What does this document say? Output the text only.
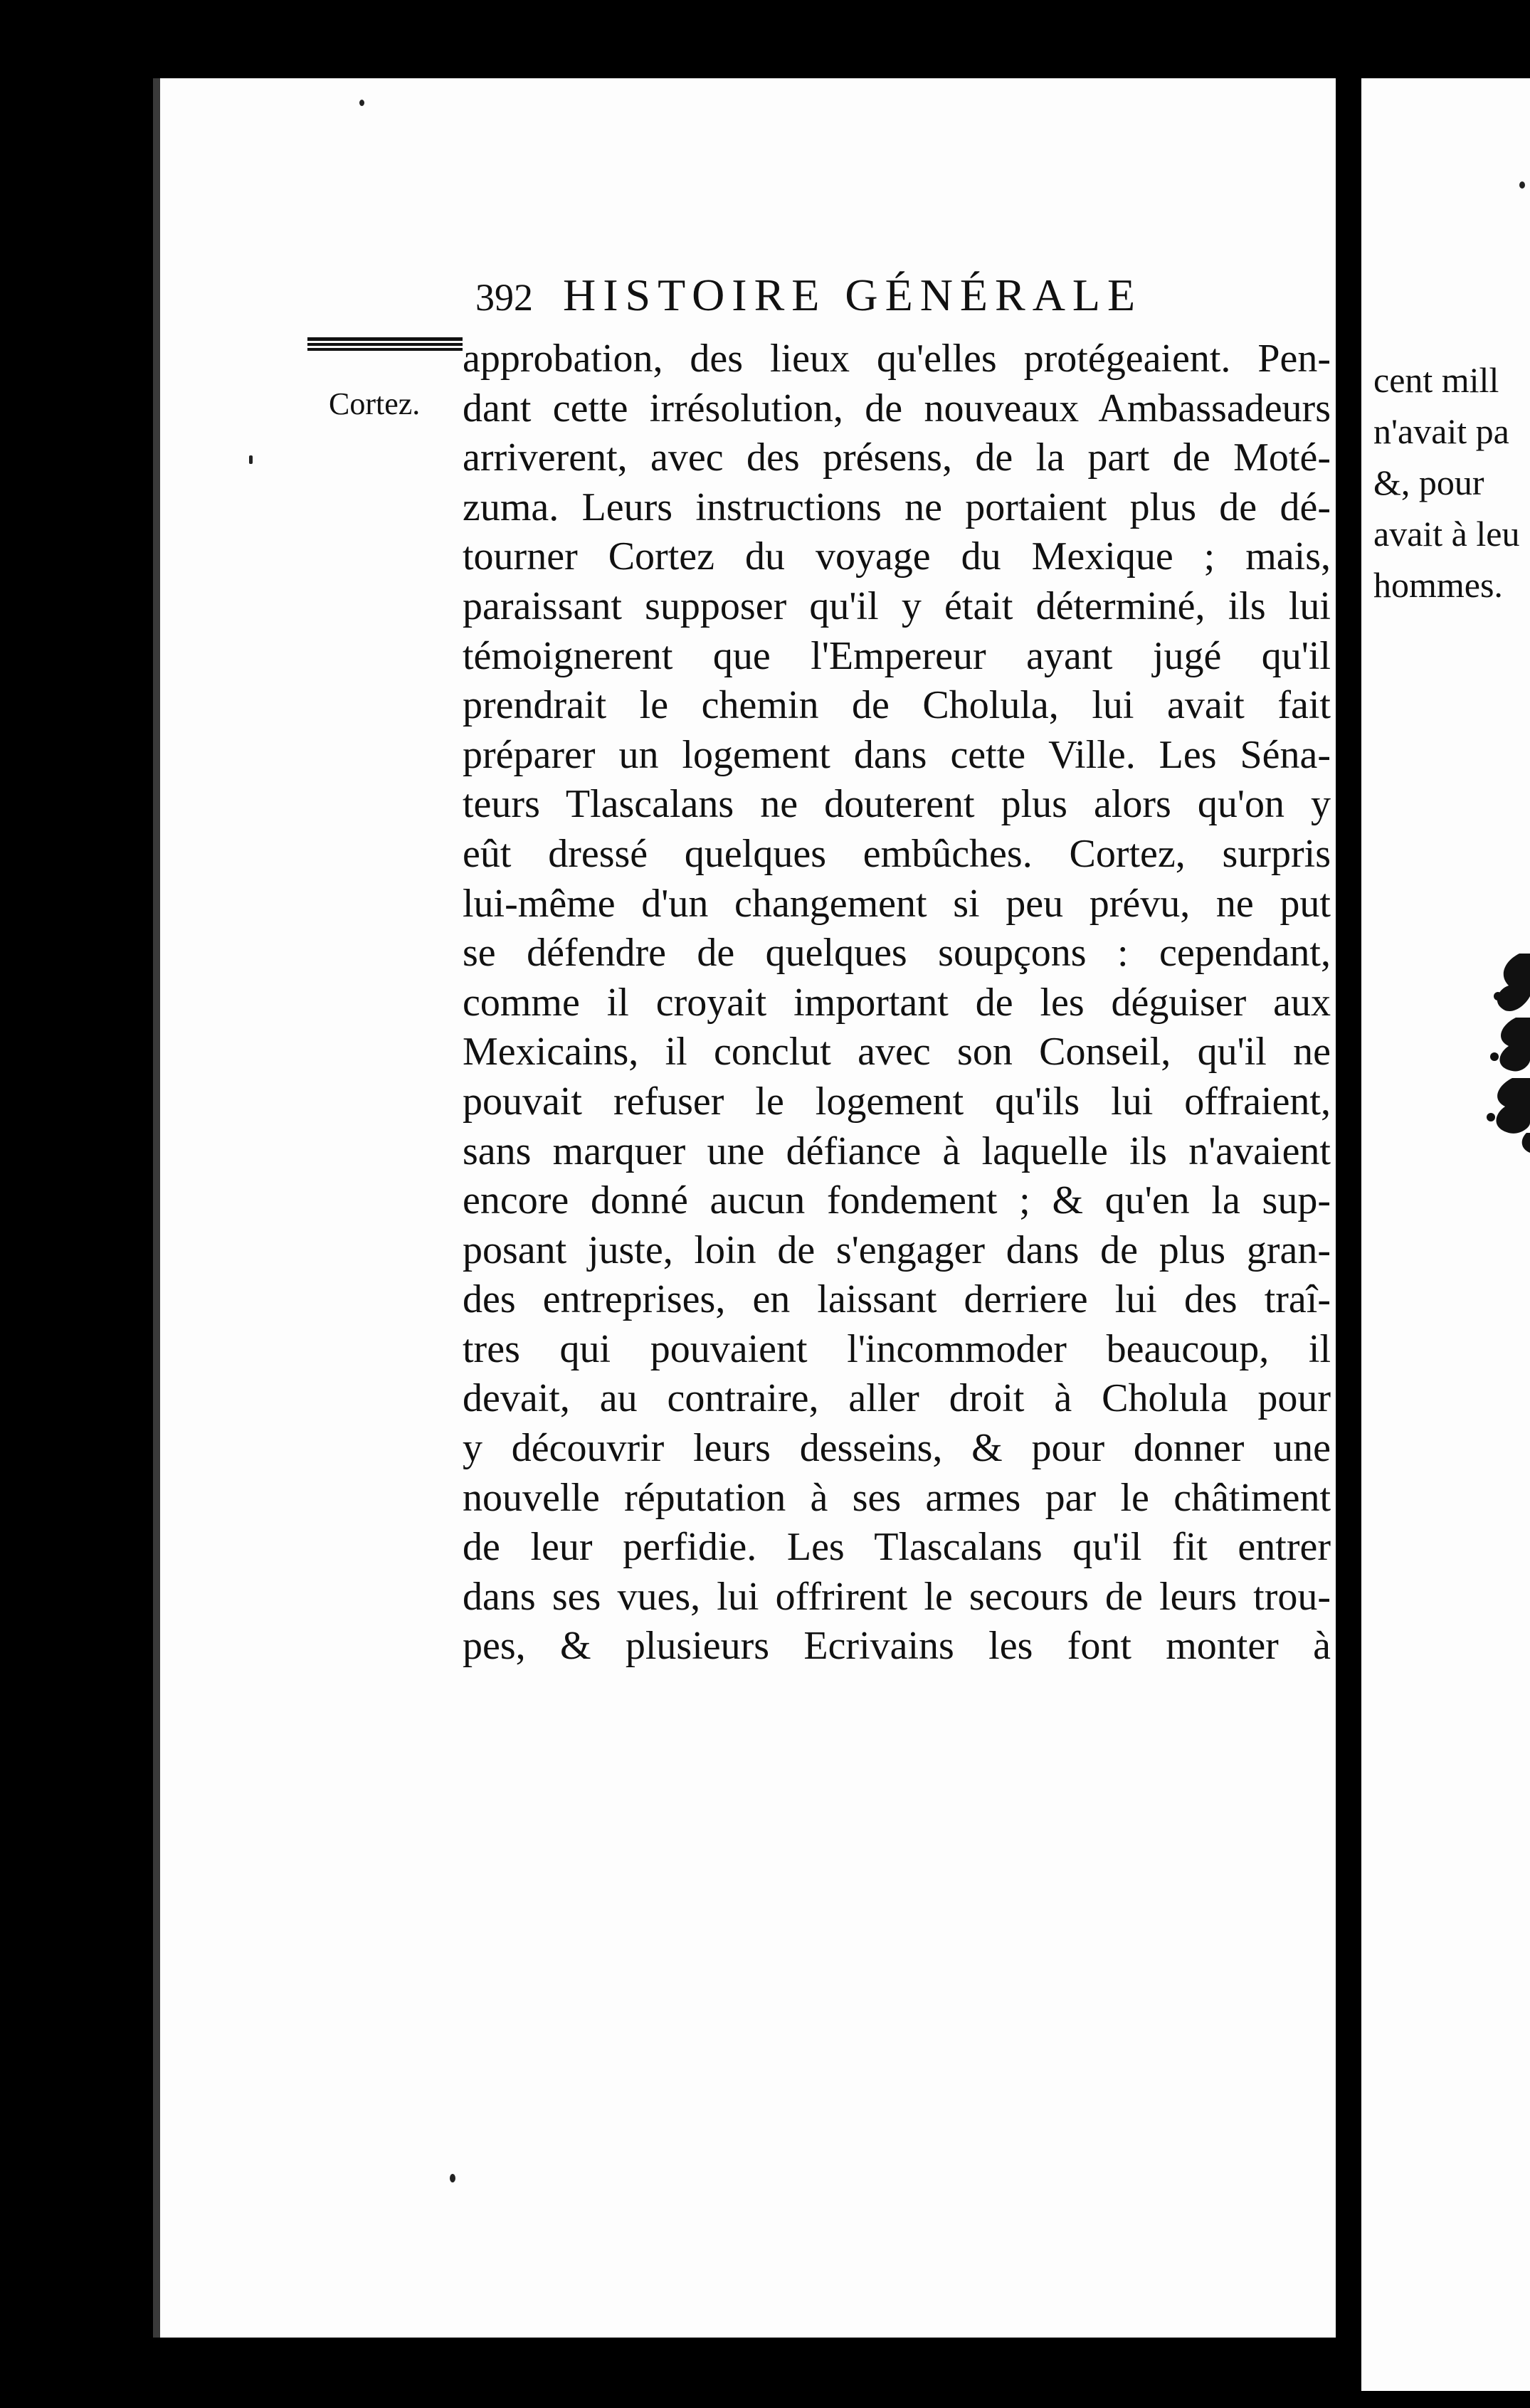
392 HISTOIRE GÉNÉRALE
Cortez.
approbation, des lieux qu'elles protégeaient. Pen-
dant cette irrésolution, de nouveaux Ambassadeurs
arriverent, avec des présens, de la part de Moté-
zuma. Leurs instructions ne portaient plus de dé-
tourner Cortez du voyage du Mexique ; mais,
paraissant supposer qu'il y était déterminé, ils lui
témoignerent que l'Empereur ayant jugé qu'il
prendrait le chemin de Cholula, lui avait fait
préparer un logement dans cette Ville. Les Séna-
teurs Tlascalans ne douterent plus alors qu'on y
eût dressé quelques embûches. Cortez, surpris
lui-même d'un changement si peu prévu, ne put
se défendre de quelques soupçons : cependant,
comme il croyait important de les déguiser aux
Mexicains, il conclut avec son Conseil, qu'il ne
pouvait refuser le logement qu'ils lui offraient,
sans marquer une défiance à laquelle ils n'avaient
encore donné aucun fondement ; & qu'en la sup-
posant juste, loin de s'engager dans de plus gran-
des entreprises, en laissant derriere lui des traî-
tres qui pouvaient l'incommoder beaucoup, il
devait, au contraire, aller droit à Cholula pour
y découvrir leurs desseins, & pour donner une
nouvelle réputation à ses armes par le châtiment
de leur perfidie. Les Tlascalans qu'il fit entrer
dans ses vues, lui offrirent le secours de leurs trou-
pes, & plusieurs Ecrivains les font monter à
cent mill
n'avait pa
&, pour
avait à leu
hommes.
